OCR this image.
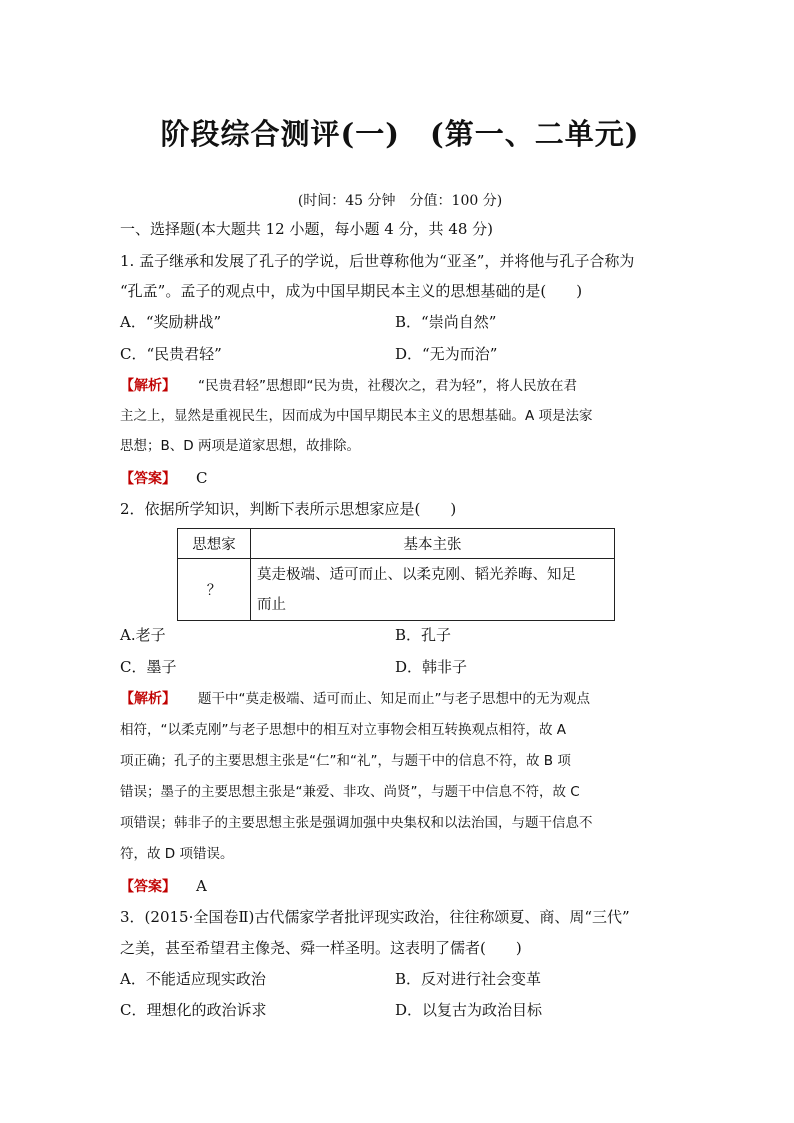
阶段综合测评(一)　(第一、二单元)
(时间：45 分钟　分值：100 分)
一、选择题(本大题共 12 小题，每小题 4 分，共 48 分)
1. 孟子继承和发展了孔子的学说，后世尊称他为“亚圣”，并将他与孔子合称为
“孔孟”。孟子的观点中，成为中国早期民本主义的思想基础的是(　　)
A．“奖励耕战”	B．“崇尚自然”
C．“民贵君轻”	D．“无为而治”
【解析】 “民贵君轻”思想即“民为贵，社稷次之，君为轻”，将人民放在君
主之上，显然是重视民生，因而成为中国早期民本主义的思想基础。A 项是法家
思想；B、D 两项是道家思想，故排除。
【答案】 C
2．依据所学知识，判断下表所示思想家应是(　　)
思想家	基本主张
？	莫走极端、适可而止、以柔克刚、韬光养晦、知足
而止
A.老子	B．孔子
C．墨子	D．韩非子
【解析】 题干中“莫走极端、适可而止、知足而止”与老子思想中的无为观点
相符，“以柔克刚”与老子思想中的相互对立事物会相互转换观点相符，故 A
项正确；孔子的主要思想主张是“仁”和“礼”，与题干中的信息不符，故 B 项
错误；墨子的主要思想主张是“兼爱、非攻、尚贤”，与题干中信息不符，故 C
项错误；韩非子的主要思想主张是强调加强中央集权和以法治国，与题干信息不
符，故 D 项错误。
【答案】 A
3．(2015·全国卷Ⅱ)古代儒家学者批评现实政治，往往称颂夏、商、周“三代”
之美，甚至希望君主像尧、舜一样圣明。这表明了儒者(　　)
A．不能适应现实政治	B．反对进行社会变革
C．理想化的政治诉求	D．以复古为政治目标
